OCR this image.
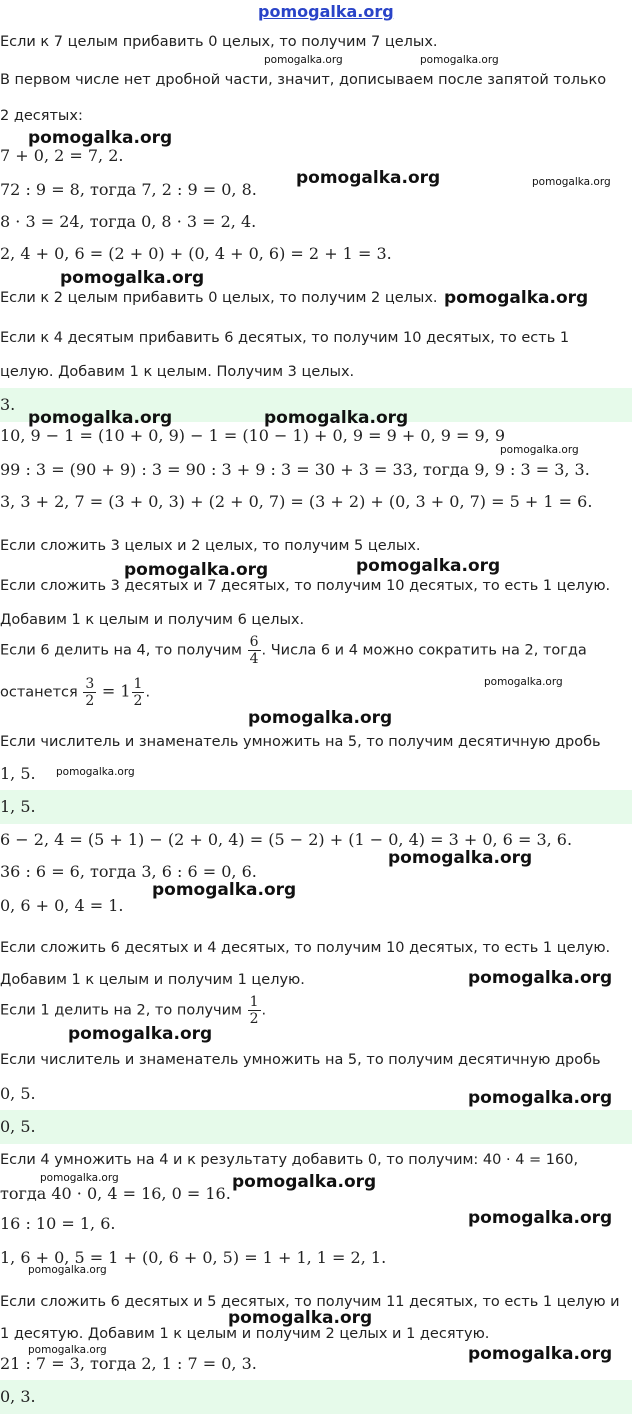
pomogalka.org
Если к 7 целым прибавить 0 целых, то получим 7 целых.
В первом числе нет дробной части, значит, дописываем после запятой только
2 десятых:
7 + 0, 2 = 7, 2.
72 : 9 = 8, тогда 7, 2 : 9 = 0, 8.
8 · 3 = 24, тогда 0, 8 · 3 = 2, 4.
2, 4 + 0, 6 = (2 + 0) + (0, 4 + 0, 6) = 2 + 1 = 3.
Если к 2 целым прибавить 0 целых, то получим 2 целых.
Если к 4 десятым прибавить 6 десятых, то получим 10 десятых, то есть 1
целую. Добавим 1 к целым. Получим 3 целых.
3.
10, 9 − 1 = (10 + 0, 9) − 1 = (10 − 1) + 0, 9 = 9 + 0, 9 = 9, 9
99 : 3 = (90 + 9) : 3 = 90 : 3 + 9 : 3 = 30 + 3 = 33, тогда 9, 9 : 3 = 3, 3.
3, 3 + 2, 7 = (3 + 0, 3) + (2 + 0, 7) = (3 + 2) + (0, 3 + 0, 7) = 5 + 1 = 6.
Если сложить 3 целых и 2 целых, то получим 5 целых.
Если сложить 3 десятых и 7 десятых, то получим 10 десятых, то есть 1 целую.
Добавим 1 к целым и получим 6 целых.
Если 6 делить на 4, то получим $\frac{6}{4}$ . Числа 6 и 4 можно сократить на 2, тогда
останется $\frac{3}{2} = 1 \frac{1}{2}$ .
Если числитель и знаменатель умножить на 5, то получим десятичную дробь
1, 5.
1, 5.
6 − 2, 4 = (5 + 1) − (2 + 0, 4) = (5 − 2) + (1 − 0, 4) = 3 + 0, 6 = 3, 6.
36 : 6 = 6, тогда 3, 6 : 6 = 0, 6.
0, 6 + 0, 4 = 1.
Если сложить 6 десятых и 4 десятых, то получим 10 десятых, то есть 1 целую.
Добавим 1 к целым и получим 1 целую.
Если 1 делить на 2, то получим $\frac{1}{2}$ .
Если числитель и знаменатель умножить на 5, то получим десятичную дробь
0, 5.
0, 5.
Если 4 умножить на 4 и к результату добавить 0, то получим: 40 · 4 = 160,
тогда 40 · 0, 4 = 16, 0 = 16.
16 : 10 = 1, 6.
1, 6 + 0, 5 = 1 + (0, 6 + 0, 5) = 1 + 1, 1 = 2, 1.
Если сложить 6 десятых и 5 десятых, то получим 11 десятых, то есть 1 целую и
1 десятую. Добавим 1 к целым и получим 2 целых и 1 десятую.
21 : 7 = 3, тогда 2, 1 : 7 = 0, 3.
0, 3.
pomogalka.org	pomogalka.org
pomogalka.org
pomogalka.org	pomogalka.org
pomogalka.org
pomogalka.org
pomogalka.org	pomogalka.org
pomogalka.org
pomogalka.org	pomogalka.org
pomogalka.org
pomogalka.org
pomogalka.org
pomogalka.org
pomogalka.org
pomogalka.org
pomogalka.org
pomogalka.org
pomogalka.org	pomogalka.org
pomogalka.org
pomogalka.org
pomogalka.org
pomogalka.org	pomogalka.org
